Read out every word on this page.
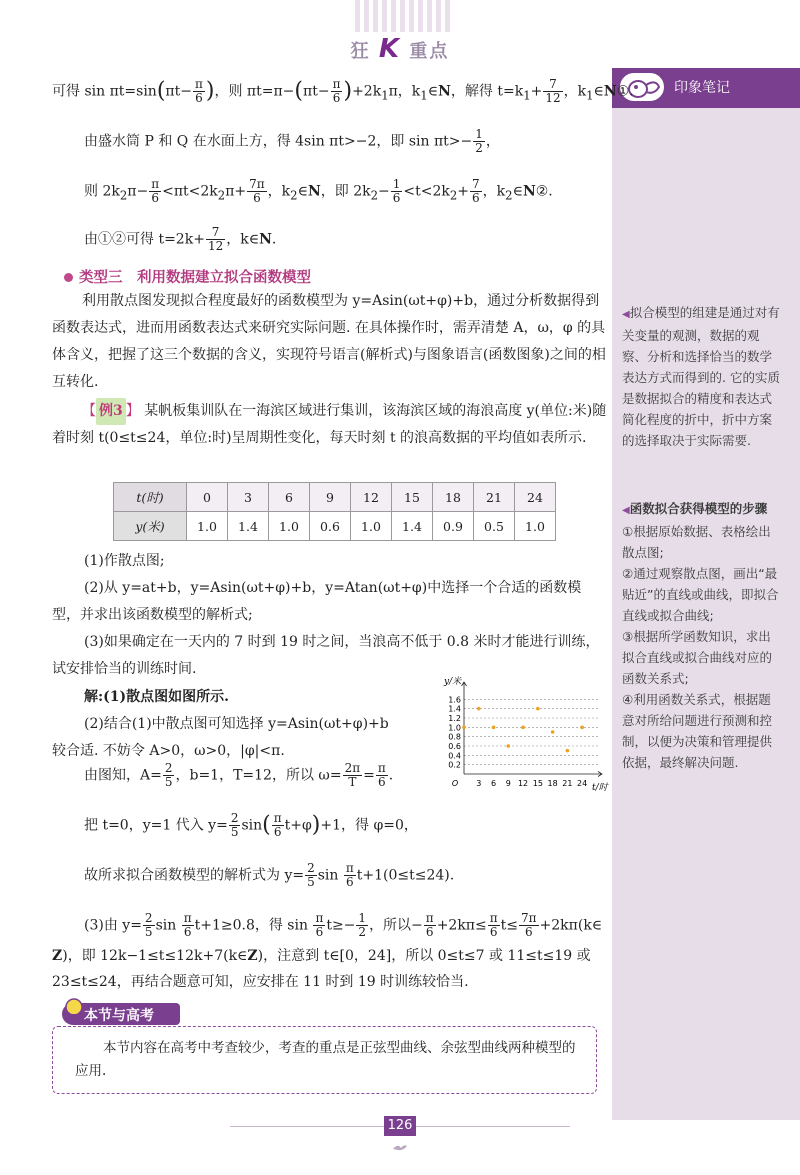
狂 K 重点
印象笔记
◀拟合模型的组建是通过对有关变量的观测，数据的观察、分析和选择恰当的数学表达方式而得到的. 它的实质是数据拟合的精度和表达式简化程度的折中，折中方案的选择取决于实际需要.
◀函数拟合获得模型的步骤
①根据原始数据、表格绘出散点图;
②通过观察散点图，画出“最贴近”的直线或曲线，即拟合直线或拟合曲线;
③根据所学函数知识，求出拟合直线或拟合曲线对应的函数关系式;
④利用函数关系式，根据题意对所给问题进行预测和控制，以便为决策和管理提供依据，最终解决问题.
可得 $\sin \pi t=\sin(\pi t- \frac{\pi}{6}$ )，则 $\pi t=\pi-(\pi t- \frac{\pi}{6} )+2k_1\pi$，$k_1\in N$，解得 $t=k_1+ \frac{7}{12}$ ，$k_1\in N①$.
由盛水筒 P 和 Q 在水面上方，得 4sin πt>−2，即 $\sin \pi t>- \frac{1}{2}$ ，
则 $2k_2\pi- \frac{\pi}{6} <\pi t<2k_2\pi+ \frac{7\pi}{6}$ ，$k_2\in N$，即 $2k_2- \frac{1}{6} <t<2k_2+ \frac{7}{6}$ ，$k_2\in N②$.
由①②可得 $t=2k+ \frac{7}{12}$ ，k∈N.
类型三　利用数据建立拟合函数模型
利用散点图发现拟合程度最好的函数模型为 y=Asin(ωt+φ)+b，通过分析数据得到函数表达式，进而用函数表达式来研究实际问题. 在具体操作时，需弄清楚 A，ω，φ 的具体含义，把握了这三个数据的含义，实现符号语言(解析式)与图象语言(函数图象)之间的相互转化.
【 例3 】 某帆板集训队在一海滨区域进行集训，该海滨区域的海浪高度 y(单位:米)随着时刻 t(0≤t≤24，单位:时)呈周期性变化，每天时刻 t 的浪高数据的平均值如表所示.
t(时)	0	3	6	9	12	15	18	21	24
y(米)	1.0	1.4	1.0	0.6	1.0	1.4	0.9	0.5	1.0
(1)作散点图;
(2)从 y=at+b，y=Asin(ωt+φ)+b，y=Atan(ωt+φ)中选择一个合适的函数模型，并求出该函数模型的解析式;
(3)如果确定在一天内的 7 时到 19 时之间，当浪高不低于 0.8 米时才能进行训练，试安排恰当的训练时间.
解:(1)散点图如图所示.
(2)结合(1)中散点图可知选择 y=Asin(ωt+φ)+b
较合适. 不妨令 A>0，ω>0，|φ|<π.
y/米
t/时
1.6
1.4
1.2
1.0
0.8
0.6
0.4
0.2
O 3 6 9 12 15 18 21 24
由图知，$A= \frac{2}{5}$ ，b=1，T=12，所以 $\omega= \frac{2\pi}{T} = \frac{\pi}{6}$ .
把 t=0，y=1 代入 $y= \frac{2}{5} \sin( \frac{\pi}{6} t+\varphi)+1$，得 φ=0，
故所求拟合函数模型的解析式为 $y= \frac{2}{5}$ $\sin \frac{\pi}{6} t+1(0\le t\le 24)$.
(3)由 $y= \frac{2}{5}$ $\sin \frac{\pi}{6} t+1\ge 0.8$，得 $\sin \frac{\pi}{6} t\ge- \frac{1}{2}$ ，所以− $\frac{\pi}{6} +2k\pi\le \frac{\pi}{6} t\le \frac{7\pi}{6}$ +2kπ(k∈
Z)，即 12k−1≤t≤12k+7(k∈Z)，注意到 t∈[0，24]，所以 0≤t≤7 或 11≤t≤19 或
23≤t≤24，再结合题意可知，应安排在 11 时到 19 时训练较恰当.
本节与高考
本节内容在高考中考查较少，考查的重点是正弦型曲线、余弦型曲线两种模型的应用.
126
